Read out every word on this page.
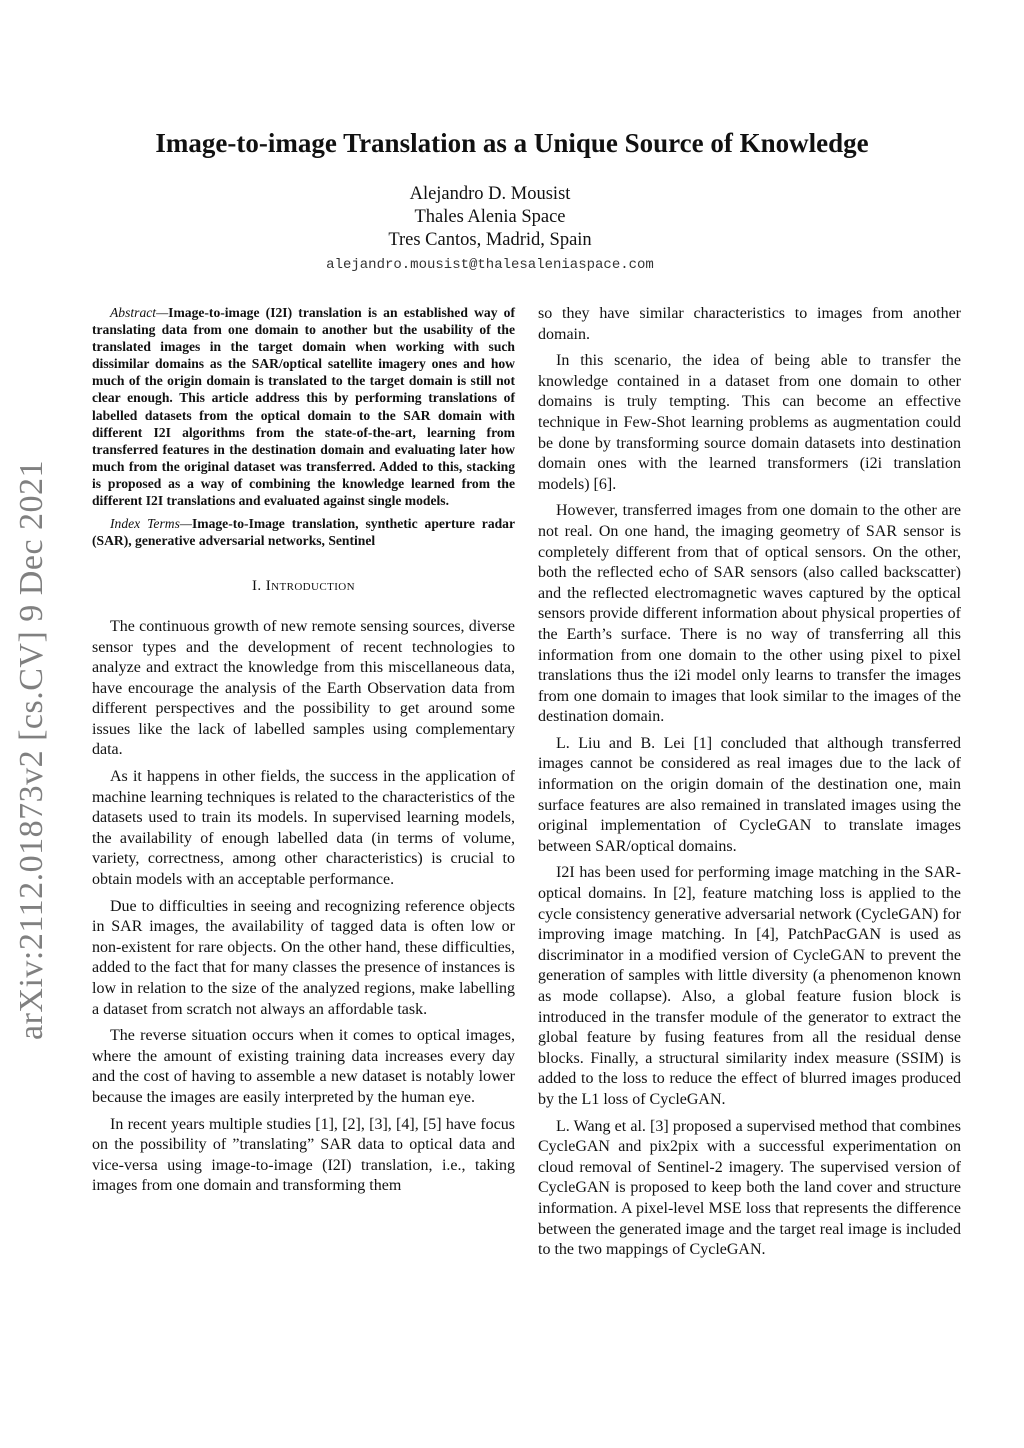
arXiv:2112.01873v2 [cs.CV] 9 Dec 2021
Image-to-image Translation as a Unique Source of Knowledge
Alejandro D. Mousist
Thales Alenia Space
Tres Cantos, Madrid, Spain
alejandro.mousist@thalesaleniaspace.com

Abstract—Image-to-image (I2I) translation is an established way of translating data from one domain to another but the usability of the translated images in the target domain when working with such dissimilar domains as the SAR/optical satellite imagery ones and how much of the origin domain is translated to the target domain is still not clear enough. This article address this by performing translations of labelled datasets from the optical domain to the SAR domain with different I2I algorithms from the state-of-the-art, learning from transferred features in the destination domain and evaluating later how much from the original dataset was transferred. Added to this, stacking is proposed as a way of combining the knowledge learned from the different I2I translations and evaluated against single models.

Index Terms—Image-to-Image translation, synthetic aperture radar (SAR), generative adversarial networks, Sentinel

I. Introduction

The continuous growth of new remote sensing sources, diverse sensor types and the development of recent technologies to analyze and extract the knowledge from this miscellaneous data, have encourage the analysis of the Earth Observation data from different perspectives and the possibility to get around some issues like the lack of labelled samples using complementary data.

As it happens in other fields, the success in the application of machine learning techniques is related to the characteristics of the datasets used to train its models. In supervised learning models, the availability of enough labelled data (in terms of volume, variety, correctness, among other characteristics) is crucial to obtain models with an acceptable performance.

Due to difficulties in seeing and recognizing reference objects in SAR images, the availability of tagged data is often low or non-existent for rare objects. On the other hand, these difficulties, added to the fact that for many classes the presence of instances is low in relation to the size of the analyzed regions, make labelling a dataset from scratch not always an affordable task.

The reverse situation occurs when it comes to optical images, where the amount of existing training data increases every day and the cost of having to assemble a new dataset is notably lower because the images are easily interpreted by the human eye.

In recent years multiple studies [1], [2], [3], [4], [5] have focus on the possibility of ”translating” SAR data to optical data and vice-versa using image-to-image (I2I) translation, i.e., taking images from one domain and transforming them

so they have similar characteristics to images from another domain.

In this scenario, the idea of being able to transfer the knowledge contained in a dataset from one domain to other domains is truly tempting. This can become an effective technique in Few-Shot learning problems as augmentation could be done by transforming source domain datasets into destination domain ones with the learned transformers (i2i translation models) [6].

However, transferred images from one domain to the other are not real. On one hand, the imaging geometry of SAR sensor is completely different from that of optical sensors. On the other, both the reflected echo of SAR sensors (also called backscatter) and the reflected electromagnetic waves captured by the optical sensors provide different information about physical properties of the Earth’s surface. There is no way of transferring all this information from one domain to the other using pixel to pixel translations thus the i2i model only learns to transfer the images from one domain to images that look similar to the images of the destination domain.

L. Liu and B. Lei [1] concluded that although transferred images cannot be considered as real images due to the lack of information on the origin domain of the destination one, main surface features are also remained in translated images using the original implementation of CycleGAN to translate images between SAR/optical domains.

I2I has been used for performing image matching in the SAR-optical domains. In [2], feature matching loss is applied to the cycle consistency generative adversarial network (CycleGAN) for improving image matching. In [4], PatchPacGAN is used as discriminator in a modified version of CycleGAN to prevent the generation of samples with little diversity (a phenomenon known as mode collapse). Also, a global feature fusion block is introduced in the transfer module of the generator to extract the global feature by fusing features from all the residual dense blocks. Finally, a structural similarity index measure (SSIM) is added to the loss to reduce the effect of blurred images produced by the L1 loss of CycleGAN.

L. Wang et al. [3] proposed a supervised method that combines CycleGAN and pix2pix with a successful experimentation on cloud removal of Sentinel-2 imagery. The supervised version of CycleGAN is proposed to keep both the land cover and structure information. A pixel-level MSE loss that represents the difference between the generated image and the target real image is included to the two mappings of CycleGAN.
